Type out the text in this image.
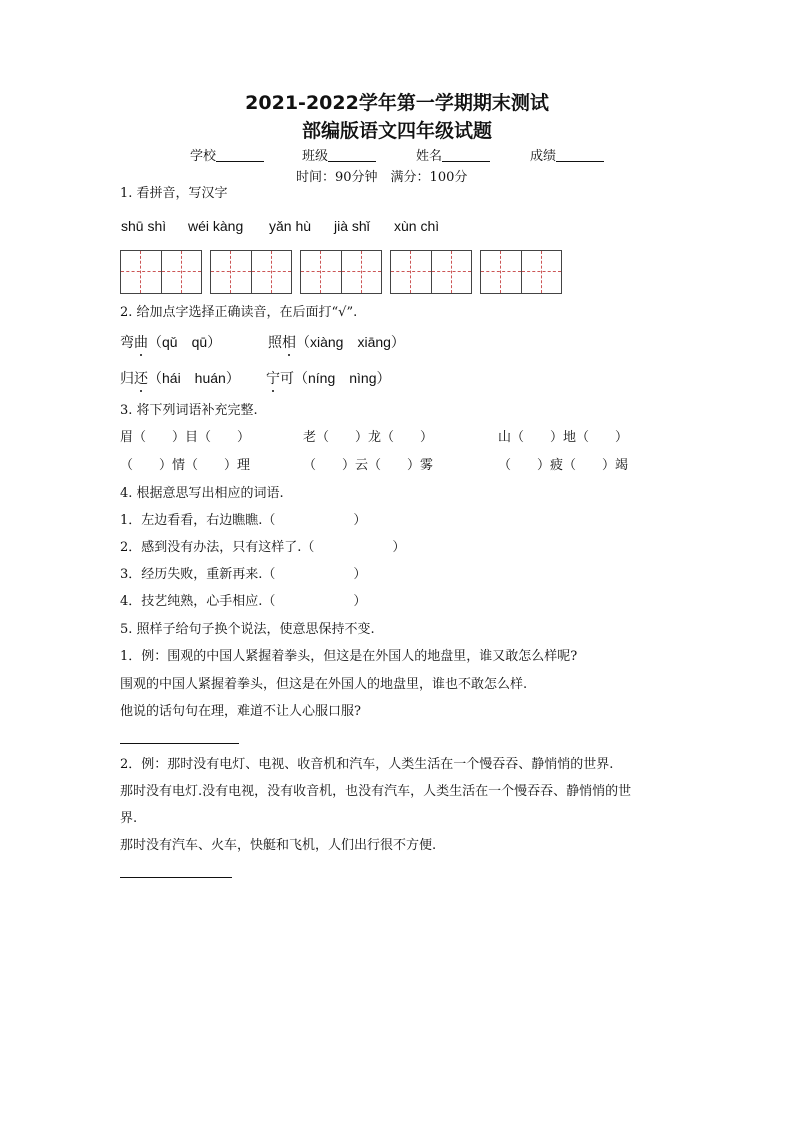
2021-2022学年第一学期期末测试
部编版语文四年级试题
学校	班级	姓名	成绩
时间：90分钟　满分：100分
1. 看拼音，写汉字
shū shì wéi kàng yǎn hù jià shǐ xùn chì
2. 给加点字选择正确读音，在后面打“√”.
弯曲（qǔ　qū）	照相（xiàng　xiāng）
归还（hái　huán） 宁可（níng　nìng）
3. 将下列词语补充完整.
眉（　　）目（　　）	老（　　）龙（　　）	山（　　）地（　　）
（　　）情（　　）理	（　　）云（　　）雾	（　　）疲（　　）竭
4. 根据意思写出相应的词语.
1．左边看看，右边瞧瞧.（　　　　　　）
2．感到没有办法，只有这样了.（　　　　　　）
3．经历失败，重新再来.（　　　　　　）
4．技艺纯熟，心手相应.（　　　　　　）
5. 照样子给句子换个说法，使意思保持不变.
1．例：围观的中国人紧握着拳头，但这是在外国人的地盘里，谁又敢怎么样呢?
围观的中国人紧握着拳头，但这是在外国人的地盘里，谁也不敢怎么样.
他说的话句句在理，难道不让人心服口服?
2．例：那时没有电灯、电视、收音机和汽车，人类生活在一个慢吞吞、静悄悄的世界.
那时没有电灯.没有电视，没有收音机，也没有汽车，人类生活在一个慢吞吞、静悄悄的世
界.
那时没有汽车、火车，快艇和飞机，人们出行很不方便.
